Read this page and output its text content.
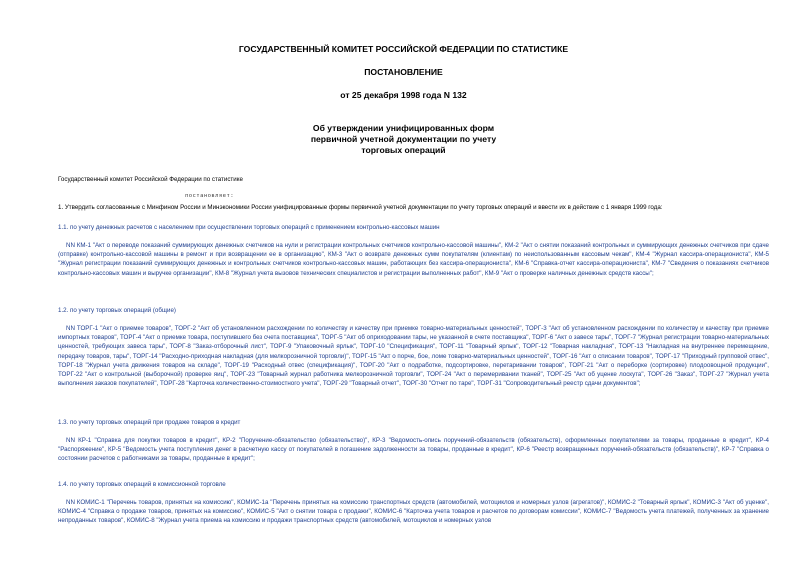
ГОСУДАРСТВЕННЫЙ КОМИТЕТ РОССИЙСКОЙ ФЕДЕРАЦИИ ПО СТАТИСТИКЕ
ПОСТАНОВЛЕНИЕ
от 25 декабря 1998 года N 132
Об утверждении унифицированных форм
первичной учетной документации по учету
торговых операций
Государственный комитет Российской Федерации по статистике
постановляет:
1. Утвердить согласованные с Минфином России и Минэкономики России унифицированные формы первичной учетной документации по учету торговых операций и ввести их в действие с 1 января 1999 года:
1.1. по учету денежных расчетов с населением при осуществлении торговых операций с применением контрольно-кассовых машин

NN КМ-1 "Акт о переводе показаний суммирующих денежных счетчиков на нули и регистрации контрольных счетчиков контрольно-кассовой машины", КМ-2 "Акт о снятии показаний контрольных и суммирующих денежных счетчиков при сдаче (отправке) контрольно-кассовой машины в ремонт и при возвращении ее в организацию", КМ-3 "Акт о возврате денежных сумм покупателям (клиентам) по неиспользованным кассовым чекам", КМ-4 "Журнал кассира-операциониста", КМ-5 "Журнал регистрации показаний суммирующих денежных и контрольных счетчиков контрольно-кассовых машин, работающих без кассира-операциониста", КМ-6 "Справка-отчет кассира-операциониста", КМ-7 "Сведения о показаниях счетчиков контрольно-кассовых машин и выручке организации", КМ-8 "Журнал учета вызовов технических специалистов и регистрации выполненных работ", КМ-9 "Акт о проверке наличных денежных средств кассы";

1.2. по учету торговых операций (общие)

NN ТОРГ-1 "Акт о приемке товаров", ТОРГ-2 "Акт об установленном расхождении по количеству и качеству при приемке товарно-материальных ценностей", ТОРГ-3 "Акт об установленном расхождении по количеству и качеству при приемке импортных товаров", ТОРГ-4 "Акт о приемке товара, поступившего без счета поставщика", ТОРГ-5 "Акт об оприходовании тары, не указанной в счете поставщика", ТОРГ-6 "Акт о завесе тары", ТОРГ-7 "Журнал регистрации товарно-материальных ценностей, требующих завеса тары", ТОРГ-8 "Заказ-отборочный лист", ТОРГ-9 "Упаковочный ярлык", ТОРГ-10 "Спецификация", ТОРГ-11 "Товарный ярлык", ТОРГ-12 "Товарная накладная", ТОРГ-13 "Накладная на внутреннее перемещение, передачу товаров, тары", ТОРГ-14 "Расходно-приходная накладная (для мелкорозничной торговли)", ТОРГ-15 "Акт о порче, бое, ломе товарно-материальных ценностей", ТОРГ-16 "Акт о списании товаров", ТОРГ-17 "Приходный групповой отвес", ТОРГ-18 "Журнал учета движения товаров на складе", ТОРГ-19 "Расходный отвес (спецификация)", ТОРГ-20 "Акт о подработке, подсортировке, перетаривании товаров", ТОРГ-21 "Акт о переборке (сортировке) плодоовощной продукции", ТОРГ-22 "Акт о контрольной (выборочной) проверке яиц", ТОРГ-23 "Товарный журнал работника мелкорозничной торговли", ТОРГ-24 "Акт о перемеривании тканей", ТОРГ-25 "Акт об уценке лоскута", ТОРГ-26 "Заказ", ТОРГ-27 "Журнал учета выполнения заказов покупателей", ТОРГ-28 "Карточка количественно-стоимостного учета", ТОРГ-29 "Товарный отчет", ТОРГ-30 "Отчет по таре", ТОРГ-31 "Сопроводительный реестр сдачи документов";

1.3. по учету торговых операций при продаже товаров в кредит

NN КР-1 "Справка для покупки товаров в кредит", КР-2 "Поручение-обязательство (обязательство)", КР-3 "Ведомость-опись поручений-обязательств (обязательств), оформленных покупателями за товары, проданные в кредит", КР-4 "Распоряжение", КР-5 "Ведомость учета поступления денег в расчетную кассу от покупателей в погашение задолженности за товары, проданные в кредит", КР-6 "Реестр возвращенных поручений-обязательств (обязательств)", КР-7 "Справка о состоянии расчетов с работниками за товары, проданные в кредит";

1.4. по учету торговых операций в комиссионной торговле

NN КОМИС-1 "Перечень товаров, принятых на комиссию", КОМИС-1а "Перечень принятых на комиссию транспортных средств (автомобилей, мотоциклов и номерных узлов (агрегатов)", КОМИС-2 "Товарный ярлык", КОМИС-3 "Акт об уценке", КОМИС-4 "Справка о продаже товаров, принятых на комиссию", КОМИС-5 "Акт о снятии товара с продажи", КОМИС-6 "Карточка учета товаров и расчетов по договорам комиссии", КОМИС-7 "Ведомость учета платежей, полученных за хранение непроданных товаров", КОМИС-8 "Журнал учета приема на комиссию и продажи транспортных средств (автомобилей, мотоциклов и номерных узлов
